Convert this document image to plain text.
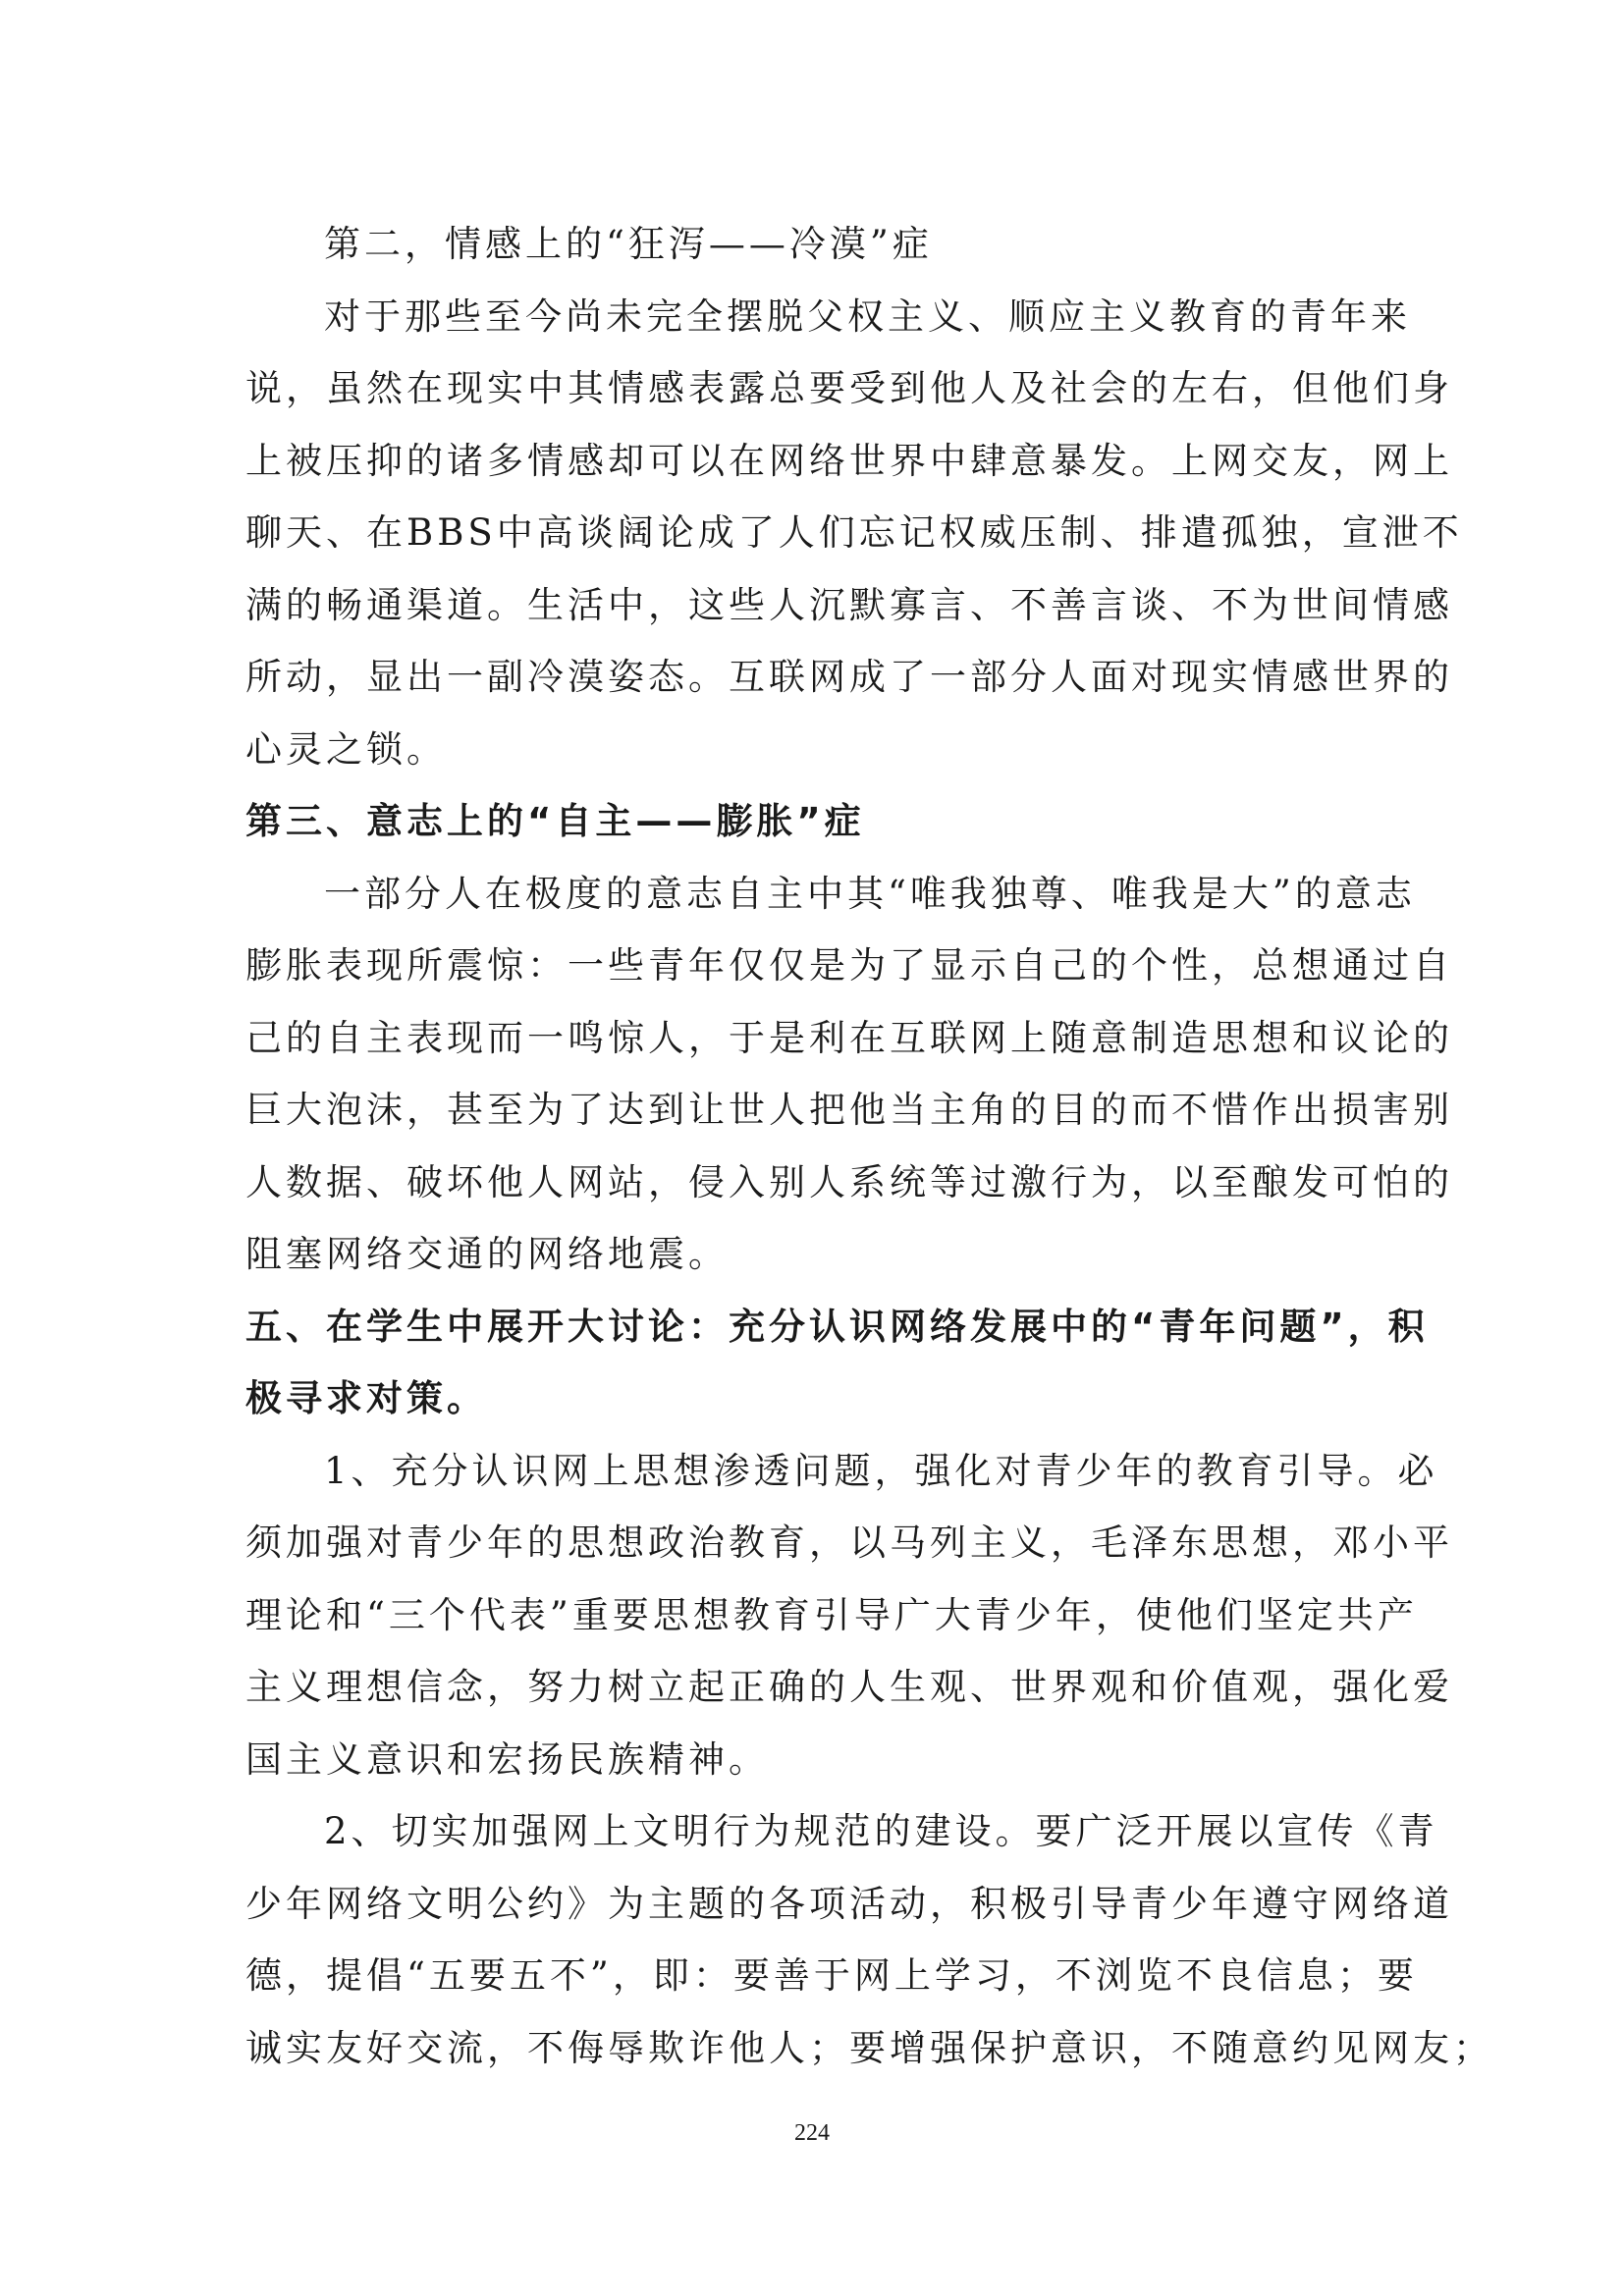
第二，情感上的“狂泻——冷漠”症
对于那些至今尚未完全摆脱父权主义、顺应主义教育的青年来
说，虽然在现实中其情感表露总要受到他人及社会的左右，但他们身
上被压抑的诸多情感却可以在网络世界中肆意暴发。上网交友，网上
聊天、在BBS中高谈阔论成了人们忘记权威压制、排遣孤独，宣泄不
满的畅通渠道。生活中，这些人沉默寡言、不善言谈、不为世间情感
所动，显出一副冷漠姿态。互联网成了一部分人面对现实情感世界的
心灵之锁。
第三、意志上的“自主——膨胀”症
一部分人在极度的意志自主中其“唯我独尊、唯我是大”的意志
膨胀表现所震惊：一些青年仅仅是为了显示自己的个性，总想通过自
己的自主表现而一鸣惊人，于是利在互联网上随意制造思想和议论的
巨大泡沫，甚至为了达到让世人把他当主角的目的而不惜作出损害别
人数据、破坏他人网站，侵入别人系统等过激行为，以至酿发可怕的
阻塞网络交通的网络地震。
五、在学生中展开大讨论：充分认识网络发展中的“青年问题”，积
极寻求对策。
1、充分认识网上思想渗透问题，强化对青少年的教育引导。必
须加强对青少年的思想政治教育，以马列主义，毛泽东思想，邓小平
理论和“三个代表”重要思想教育引导广大青少年，使他们坚定共产
主义理想信念，努力树立起正确的人生观、世界观和价值观，强化爱
国主义意识和宏扬民族精神。
2、切实加强网上文明行为规范的建设。要广泛开展以宣传《青
少年网络文明公约》为主题的各项活动，积极引导青少年遵守网络道
德，提倡“五要五不”，即：要善于网上学习，不浏览不良信息；要
诚实友好交流，不侮辱欺诈他人；要增强保护意识，不随意约见网友；
224
